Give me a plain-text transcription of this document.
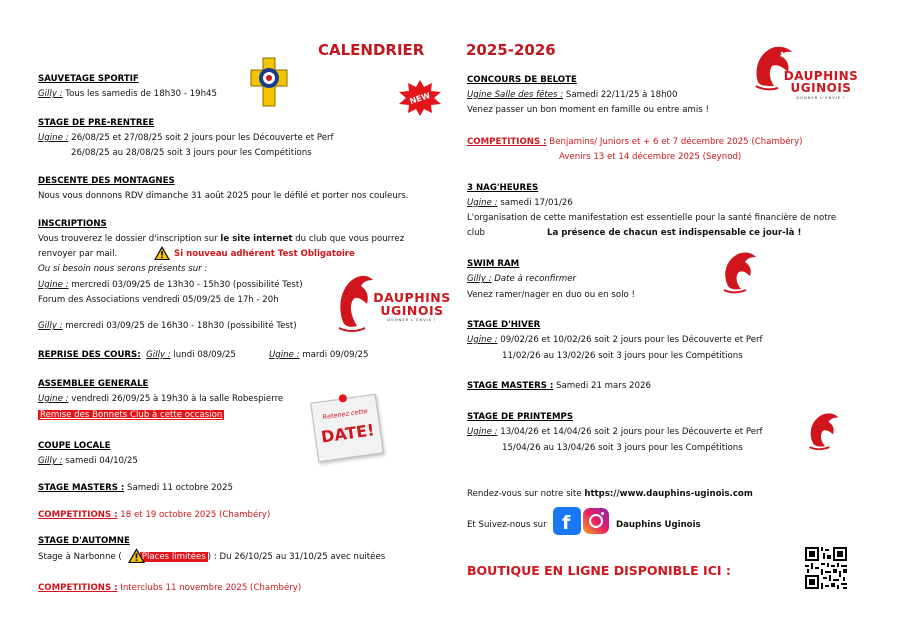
CALENDRIER	2025-2026
DAUPHINS
UGINOIS
DONNER L'ENVIE !
NEW
SAUVETAGE SPORTIF
Gilly : Tous les samedis de 18h30 - 19h45
STAGE DE PRE-RENTREE
Ugine : 26/08/25 et 27/08/25 soit 2 jours pour les Découverte et Perf
26/08/25 au 28/08/25 soit 3 jours pour les Compétitions
DESCENTE DES MONTAGNES
Nous vous donnons RDV dimanche 31 août 2025 pour le défilé et porter nos couleurs.
INSCRIPTIONS
Vous trouverez le dossier d'inscription sur le site internet du club que vous pourrez
renvoyer par mail.	Si nouveau adhérent Test Obligatoire
Ou si besoin nous serons présents sur :
Ugine : mercredi 03/09/25 de 13h30 - 15h30 (possibilité Test)
Forum des Associations vendredi 05/09/25 de 17h - 20h
Gilly : mercredi 03/09/25 de 16h30 - 18h30 (possibilité Test)
DAUPHINS
UGINOIS
DONNER L'ENVIE !
REPRISE DES COURS: Gilly : lundi 08/09/25	Ugine : mardi 09/09/25
ASSEMBLEE GENERALE
Ugine : vendredi 26/09/25 à 19h30 à la salle Robespierre
Remise des Bonnets Club à cette occasion	Retenez cette
DATE!
COUPE LOCALE
Gilly : samedi 04/10/25
STAGE MASTERS : Samedi 11 octobre 2025
COMPETITIONS : 18 et 19 octobre 2025 (Chambéry)
STAGE D'AUTOMNE
Stage à Narbonne ( Places limitées ) : Du 26/10/25 au 31/10/25 avec nuitées
COMPETITIONS : Interclubs 11 novembre 2025 (Chambéry)
CONCOURS DE BELOTE
Ugine Salle des fêtes : Samedi 22/11/25 à 18h00
Venez passer un bon moment en famille ou entre amis !
COMPETITIONS : Benjamins/ Juniors et + 6 et 7 décembre 2025 (Chambéry)
Avenirs 13 et 14 décembre 2025 (Seynod)
3 NAG'HEURES
Ugine : samedi 17/01/26
L'organisation de cette manifestation est essentielle pour la santé financière de notre
club	La présence de chacun est indispensable ce jour-là !
SWIM RAM
Gilly : Date à reconfirmer
Venez ramer/nager en duo ou en solo !
STAGE D'HIVER
Ugine : 09/02/26 et 10/02/26 soit 2 jours pour les Découverte et Perf
11/02/26 au 13/02/26 soit 3 jours pour les Compétitions
STAGE MASTERS : Samedi 21 mars 2026
STAGE DE PRINTEMPS
Ugine : 13/04/26 et 14/04/26 soit 2 jours pour les Découverte et Perf
15/04/26 au 13/04/26 soit 3 jours pour les Compétitions
Rendez-vous sur notre site https://www.dauphins-uginois.com
Et Suivez-nous sur f	Dauphins Uginois
BOUTIQUE EN LIGNE DISPONIBLE ICI :
